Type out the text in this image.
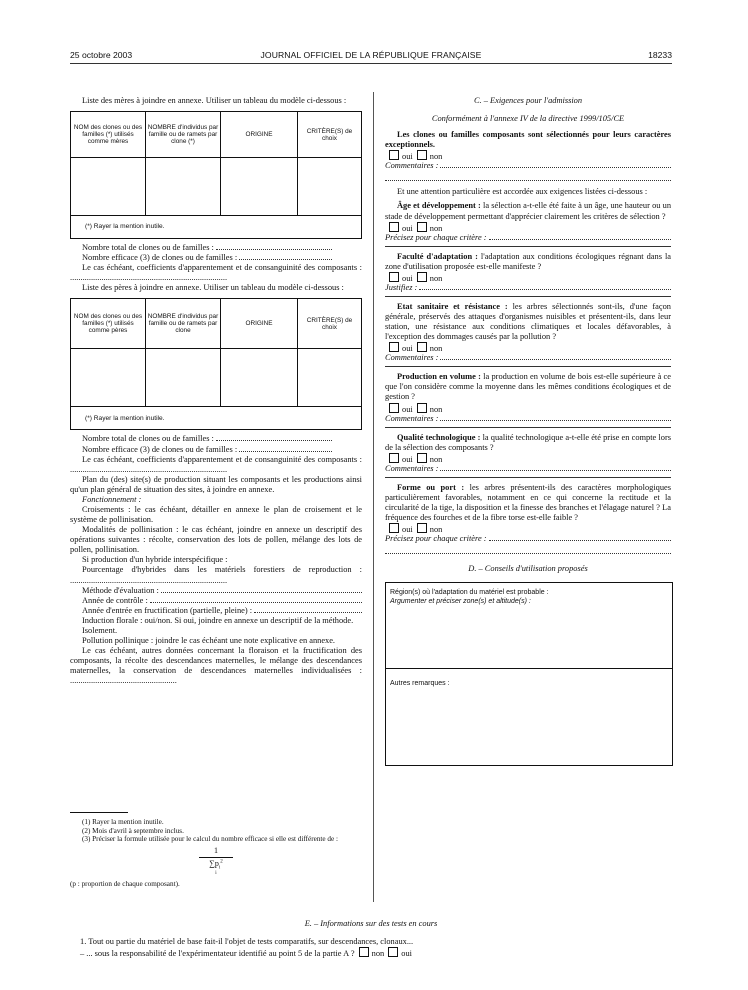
25 octobre 2003	JOURNAL OFFICIEL DE LA RÉPUBLIQUE FRANÇAISE	18233

Liste des mères à joindre en annexe. Utiliser un tableau du modèle ci-dessous :

NOM des clones ou des familles (*) utilisés comme mères	NOMBRE d'individus par famille ou de ramets par clone (*)	ORIGINE	CRITÈRE(S) de choix

(*) Rayer la mention inutile.			
Nombre total de clones ou de familles :
Nombre efficace (3) de clones ou de familles :

Le cas échéant, coefficients d'apparentement et de consanguinité des composants : ...........................................................................

Liste des pères à joindre en annexe. Utiliser un tableau du modèle ci-dessous :

NOM des clones ou des familles (*) utilisés comme pères	NOMBRE d'individus par famille ou de ramets par clone	ORIGINE	CRITÈRE(S) de choix

(*) Rayer la mention inutile.			
Nombre total de clones ou de familles :
Nombre efficace (3) de clones ou de familles :

Le cas échéant, coefficients d'apparentement et de consanguinité des composants : ...........................................................................

Plan du (des) site(s) de production situant les composants et les productions ainsi qu'un plan général de situation des sites, à joindre en annexe.

Fonctionnement :

Croisements : le cas échéant, détailler en annexe le plan de croisement et le système de pollinisation.

Modalités de pollinisation : le cas échéant, joindre en annexe un descriptif des opérations suivantes : récolte, conservation des lots de pollen, mélange des lots de pollen, pollinisation.

Si production d'un hybride interspécifique :

Pourcentage d'hybrides dans les matériels forestiers de reproduction : ...........................................................................

Méthode d'évaluation :
Année de contrôle :
Année d'entrée en fructification (partielle, pleine) :

Induction florale : oui/non. Si oui, joindre en annexe un descriptif de la méthode.

Isolement.

Pollution pollinique : joindre le cas échéant une note explicative en annexe.

Le cas échéant, autres données concernant la floraison et la fructification des composants, la récolte des descendances maternelles, le mélange des descendances maternelles, la conservation de descendances maternelles individualisées : ...................................................

(1) Rayer la mention inutile.

(2) Mois d'avril à septembre inclus.

(3) Préciser la formule utilisée pour le calcul du nombre efficace si elle est différente de :

1
$\sum p_i^2$
i

(p : proportion de chaque composant).

C. – Exigences pour l'admission

Conformément à l'annexe IV de la directive 1999/105/CE

Les clones ou familles composants sont sélectionnés pour leurs caractères exceptionnels.

oui non
Commentaires :

Et une attention particulière est accordée aux exigences listées ci-dessous :

Âge et développement : la sélection a-t-elle été faite à un âge, une hauteur ou un stade de développement permettant d'apprécier clairement les critères de sélection ?

oui non
Précisez pour chaque critère :

Faculté d'adaptation : l'adaptation aux conditions écologiques régnant dans la zone d'utilisation proposée est-elle manifeste ?

oui non
Justifiez :

Etat sanitaire et résistance : les arbres sélectionnés sont-ils, d'une façon générale, préservés des attaques d'organismes nuisibles et présentent-ils, dans leur station, une résistance aux conditions climatiques et locales défavorables, à l'exception des dommages causés par la pollution ?

oui non
Commentaires :

Production en volume : la production en volume de bois est-elle supérieure à ce que l'on considère comme la moyenne dans les mêmes conditions écologiques et de gestion ?

oui non
Commentaires :

Qualité technologique : la qualité technologique a-t-elle été prise en compte lors de la sélection des composants ?

oui non
Commentaires :

Forme ou port : les arbres présentent-ils des caractères morphologiques particulièrement favorables, notamment en ce qui concerne la rectitude et la circularité de la tige, la disposition et la finesse des branches et l'élagage naturel ? La fréquence des fourches et de la fibre torse est-elle faible ?

oui non
Précisez pour chaque critère :

D. – Conseils d'utilisation proposés

Région(s) où l'adaptation du matériel est probable :

Argumenter et préciser zone(s) et altitude(s) :

Autres remarques :

E. – Informations sur des tests en cours

1. Tout ou partie du matériel de base fait-il l'objet de tests comparatifs, sur descendances, clonaux...

– ... sous la responsabilité de l'expérimentateur identifié au point 5 de la partie A ? non oui
